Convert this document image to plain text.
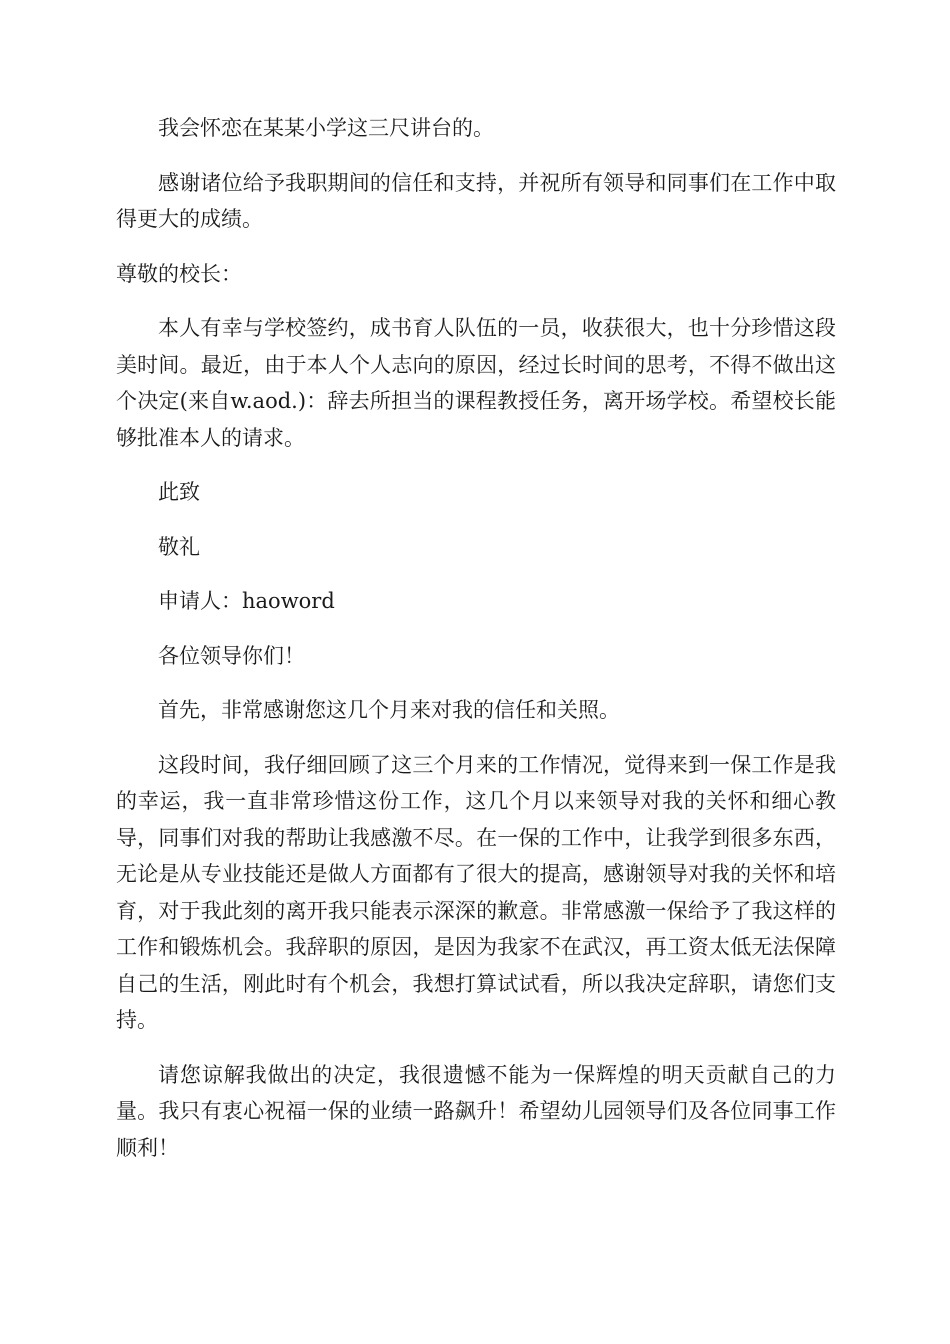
我会怀恋在某某小学这三尺讲台的。

感谢诸位给予我职期间的信任和支持，并祝所有领导和同事们在工作中取得更大的成绩。

尊敬的校长：

本人有幸与学校签约，成书育人队伍的一员，收获很大，也十分珍惜这段美时间。最近，由于本人个人志向的原因，经过长时间的思考，不得不做出这个决定(来自w.aod.)：辞去所担当的课程教授任务，离开场学校。希望校长能够批准本人的请求。

此致

敬礼

申请人：haoword

各位领导你们！

首先，非常感谢您这几个月来对我的信任和关照。

这段时间，我仔细回顾了这三个月来的工作情况，觉得来到一保工作是我的幸运，我一直非常珍惜这份工作，这几个月以来领导对我的关怀和细心教导，同事们对我的帮助让我感激不尽。在一保的工作中，让我学到很多东西，无论是从专业技能还是做人方面都有了很大的提高，感谢领导对我的关怀和培育，对于我此刻的离开我只能表示深深的歉意。非常感激一保给予了我这样的工作和锻炼机会。我辞职的原因，是因为我家不在武汉，再工资太低无法保障自己的生活，刚此时有个机会，我想打算试试看，所以我决定辞职，请您们支持。

请您谅解我做出的决定，我很遗憾不能为一保辉煌的明天贡献自己的力量。我只有衷心祝福一保的业绩一路飙升！希望幼儿园领导们及各位同事工作顺利！
